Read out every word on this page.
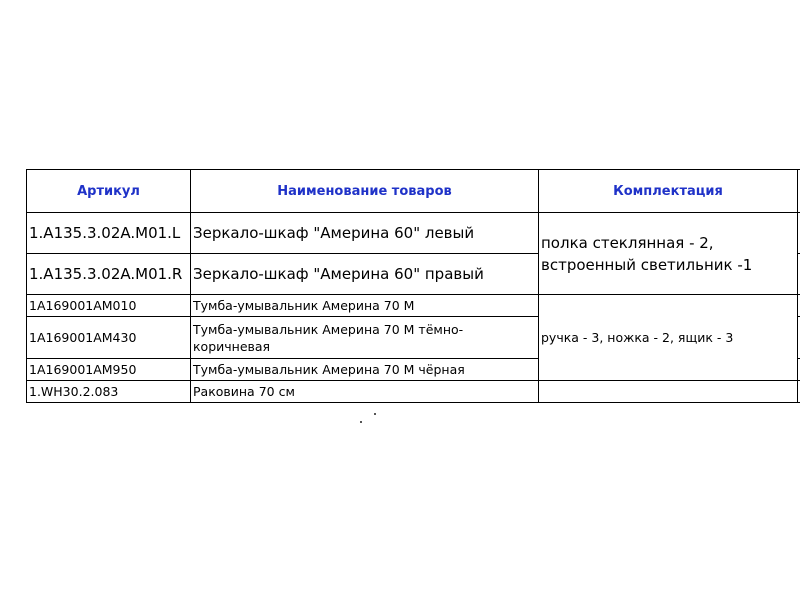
Артикул	Наименование товаров	Комплектация	
1.A135.3.02A.M01.L	Зеркало-шкаф "Америна 60" левый	полка стеклянная - 2, встроенный светильник -1	
1.A135.3.02A.M01.R	Зеркало-шкаф "Америна 60" правый		
1A169001AM010	Тумба-умывальник Америна 70 М	ручка - 3, ножка - 2, ящик - 3	
1A169001AM430	Тумба-умывальник Америна 70 М тёмно-коричневая		
1A169001AM950	Тумба-умывальник Америна 70 М чёрная		
1.WH30.2.083	Раковина 70 см		
